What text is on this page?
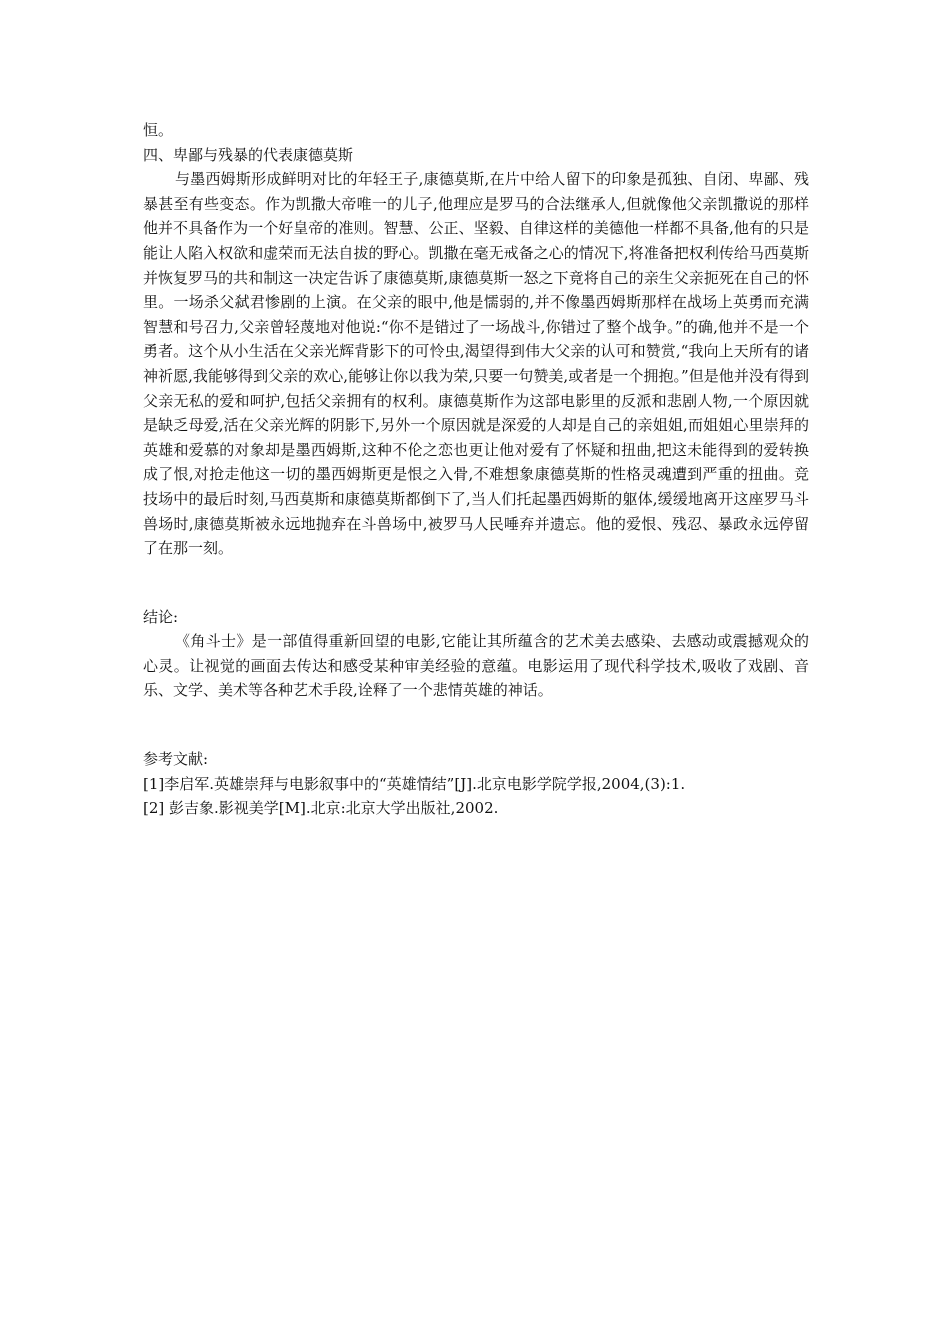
恒。

四、卑鄙与残暴的代表康德莫斯

与墨西姆斯形成鲜明对比的年轻王子,康德莫斯,在片中给人留下的印象是孤独、自闭、卑鄙、残暴甚至有些变态。作为凯撒大帝唯一的儿子,他理应是罗马的合法继承人,但就像他父亲凯撒说的那样他并不具备作为一个好皇帝的准则。智慧、公正、坚毅、自律这样的美德他一样都不具备,他有的只是能让人陷入权欲和虚荣而无法自拔的野心。凯撒在毫无戒备之心的情况下,将准备把权利传给马西莫斯并恢复罗马的共和制这一决定告诉了康德莫斯,康德莫斯一怒之下竟将自己的亲生父亲扼死在自己的怀里。一场杀父弑君惨剧的上演。在父亲的眼中,他是懦弱的,并不像墨西姆斯那样在战场上英勇而充满智慧和号召力,父亲曾轻蔑地对他说:“你不是错过了一场战斗,你错过了整个战争。”的确,他并不是一个勇者。这个从小生活在父亲光辉背影下的可怜虫,渴望得到伟大父亲的认可和赞赏,“我向上天所有的诸神祈愿,我能够得到父亲的欢心,能够让你以我为荣,只要一句赞美,或者是一个拥抱。”但是他并没有得到父亲无私的爱和呵护,包括父亲拥有的权利。康德莫斯作为这部电影里的反派和悲剧人物,一个原因就是缺乏母爱,活在父亲光辉的阴影下,另外一个原因就是深爱的人却是自己的亲姐姐,而姐姐心里崇拜的英雄和爱慕的对象却是墨西姆斯,这种不伦之恋也更让他对爱有了怀疑和扭曲,把这未能得到的爱转换成了恨,对抢走他这一切的墨西姆斯更是恨之入骨,不难想象康德莫斯的性格灵魂遭到严重的扭曲。竞技场中的最后时刻,马西莫斯和康德莫斯都倒下了,当人们托起墨西姆斯的躯体,缓缓地离开这座罗马斗兽场时,康德莫斯被永远地抛弃在斗兽场中,被罗马人民唾弃并遗忘。他的爱恨、残忍、暴政永远停留了在那一刻。

结论:

《角斗士》是一部值得重新回望的电影,它能让其所蕴含的艺术美去感染、去感动或震撼观众的心灵。让视觉的画面去传达和感受某种审美经验的意蕴。电影运用了现代科学技术,吸收了戏剧、音乐、文学、美术等各种艺术手段,诠释了一个悲情英雄的神话。

参考文献:

[1]李启军.英雄崇拜与电影叙事中的“英雄情结”[J].北京电影学院学报,2004,(3):1.

[2] 彭吉象.影视美学[M].北京:北京大学出版社,2002.
